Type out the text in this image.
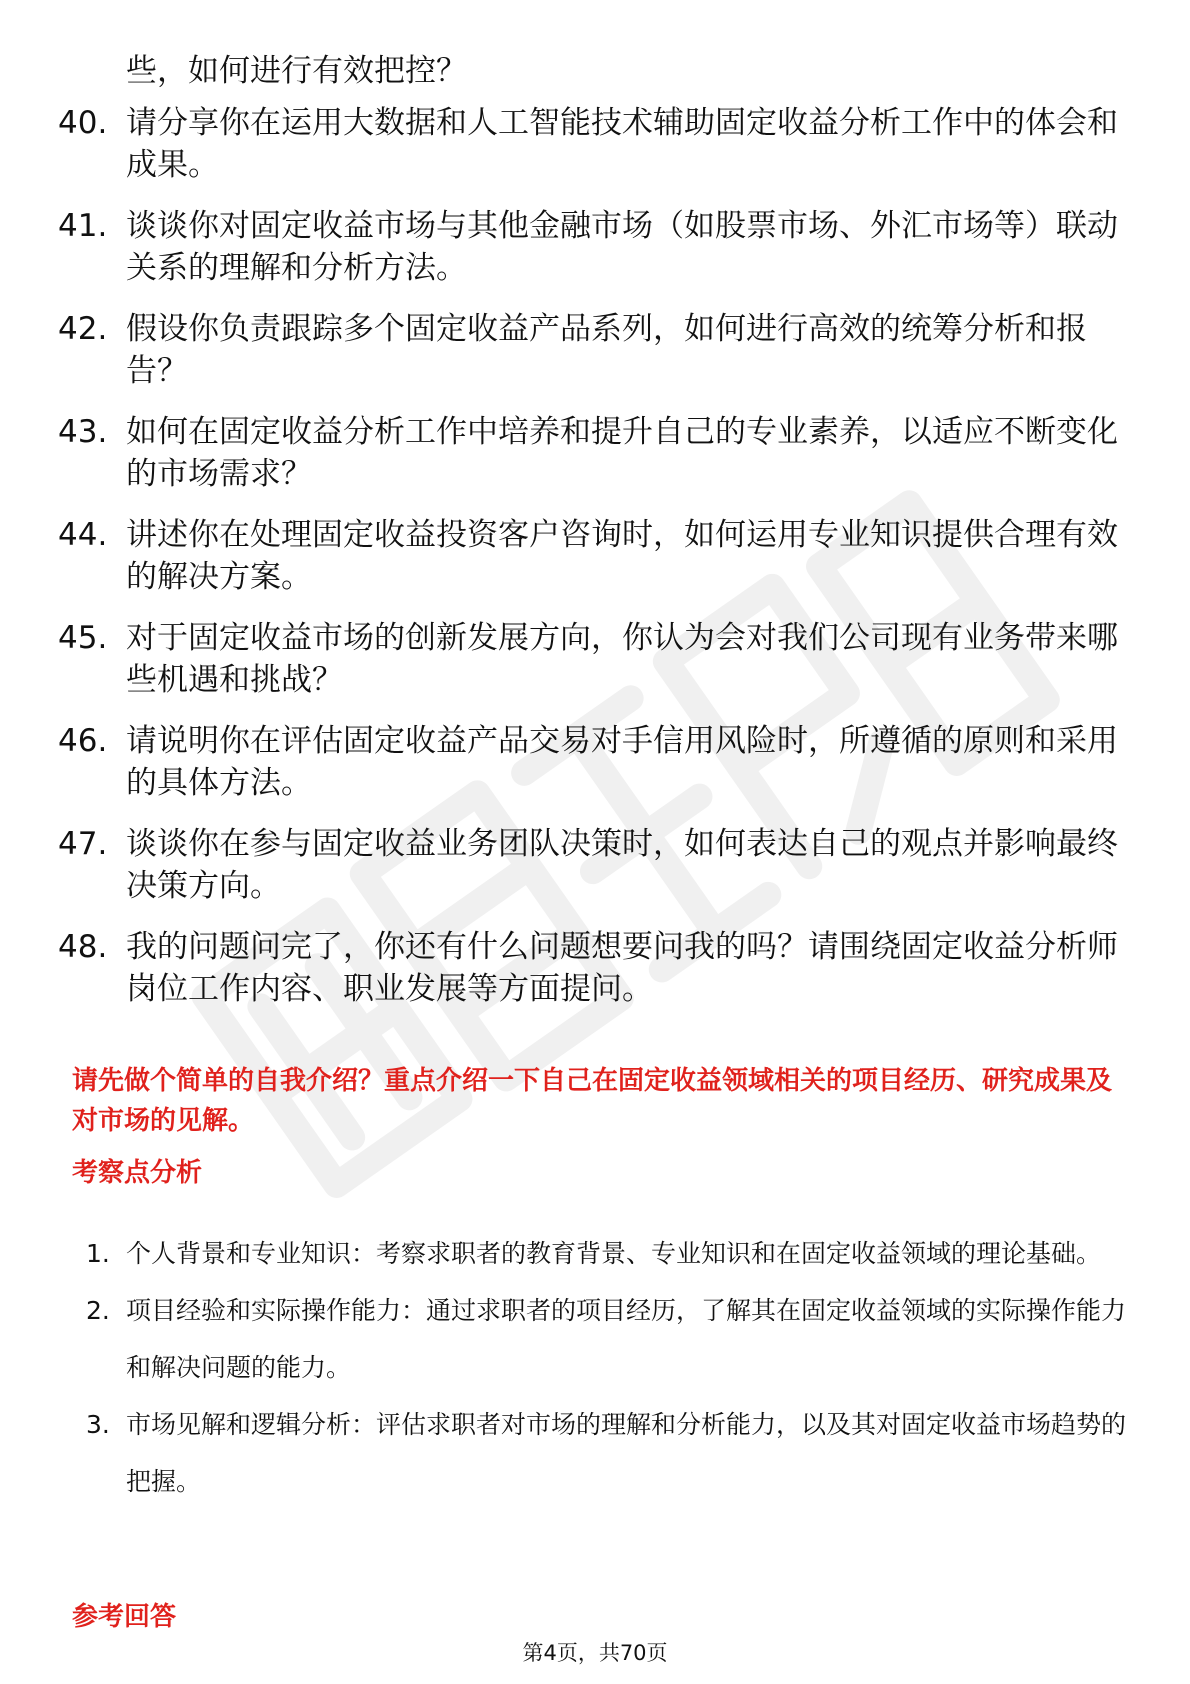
些，如何进行有效把控？

40. 请分享你在运用大数据和人工智能技术辅助固定收益分析工作中的体会和成果。
41. 谈谈你对固定收益市场与其他金融市场（如股票市场、外汇市场等）联动关系的理解和分析方法。
42. 假设你负责跟踪多个固定收益产品系列，如何进行高效的统筹分析和报告？
43. 如何在固定收益分析工作中培养和提升自己的专业素养，以适应不断变化的市场需求？
44. 讲述你在处理固定收益投资客户咨询时，如何运用专业知识提供合理有效的解决方案。
45. 对于固定收益市场的创新发展方向，你认为会对我们公司现有业务带来哪些机遇和挑战？
46. 请说明你在评估固定收益产品交易对手信用风险时，所遵循的原则和采用的具体方法。
47. 谈谈你在参与固定收益业务团队决策时，如何表达自己的观点并影响最终决策方向。
48. 我的问题问完了，你还有什么问题想要问我的吗？请围绕固定收益分析师岗位工作内容、职业发展等方面提问。

请先做个简单的自我介绍？重点介绍一下自己在固定收益领域相关的项目经历、研究成果及对市场的见解。

考察点分析

1. 个人背景和专业知识：考察求职者的教育背景、专业知识和在固定收益领域的理论基础。
2. 项目经验和实际操作能力：通过求职者的项目经历，了解其在固定收益领域的实际操作能力和解决问题的能力。
3. 市场见解和逻辑分析：评估求职者对市场的理解和分析能力，以及其对固定收益市场趋势的把握。

参考回答

第4页，共70页
